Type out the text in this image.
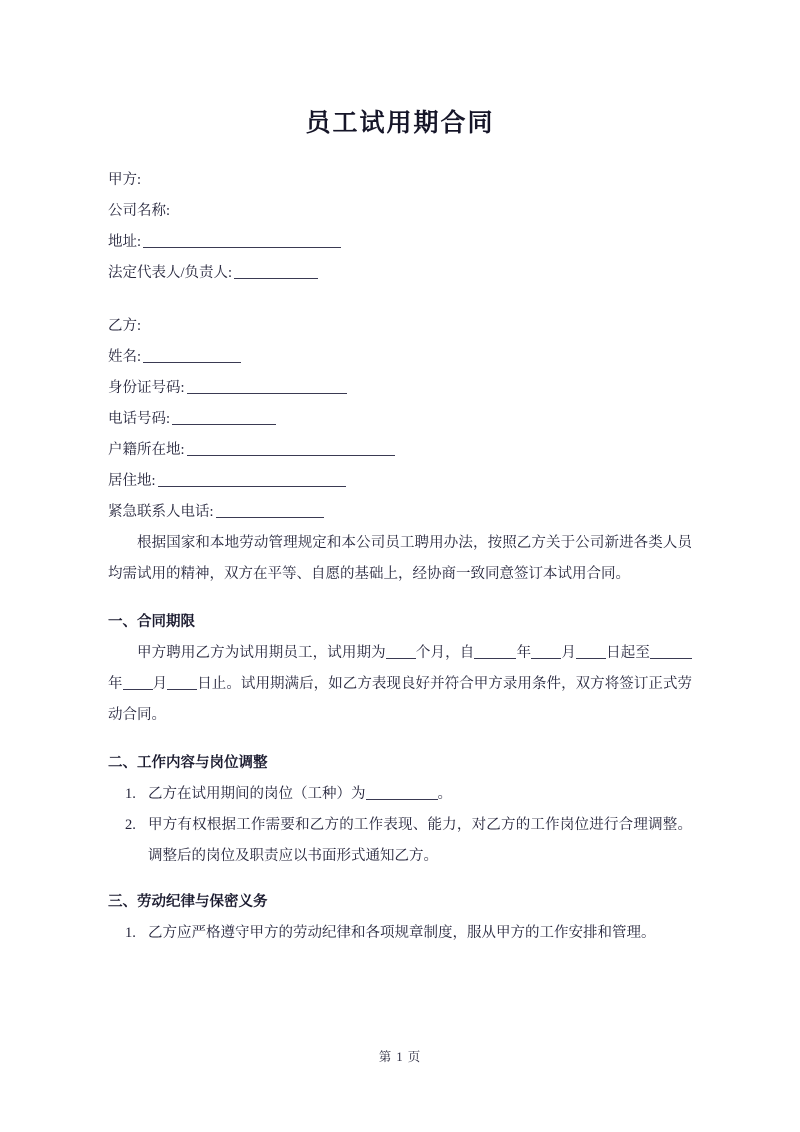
员工试用期合同
甲方:
公司名称:
地址:
法定代表人/负责人:
乙方:
姓名:
身份证号码:
电话号码:
户籍所在地:
居住地:
紧急联系人电话:

根据国家和本地劳动管理规定和本公司员工聘用办法，按照乙方关于公司新进各类人员均需试用的精神，双方在平等、自愿的基础上，经协商一致同意签订本试用合同。

一、合同期限

甲方聘用乙方为试用期员工，试用期为 个月，自	年 月 日起至年 月 日止。试用期满后，如乙方表现良好并符合甲方录用条件，双方将签订正式劳动合同。

二、工作内容与岗位调整
乙方在试用期间的岗位（工种）为	。
甲方有权根据工作需要和乙方的工作表现、能力，对乙方的工作岗位进行合理调整。调整后的岗位及职责应以书面形式通知乙方。
三、劳动纪律与保密义务
乙方应严格遵守甲方的劳动纪律和各项规章制度，服从甲方的工作安排和管理。
第 1 页
